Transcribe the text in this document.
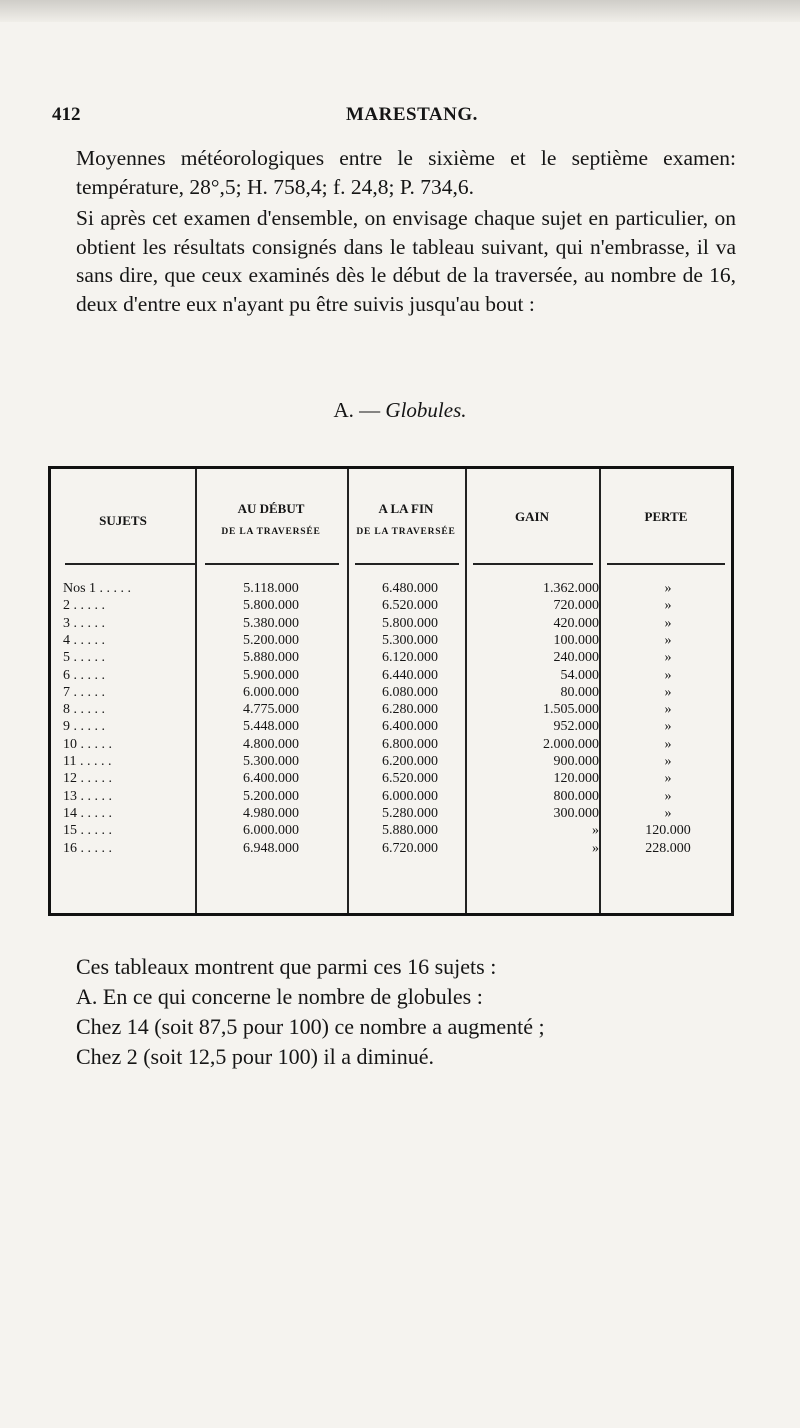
412	MARESTANG.
Moyennes météorologiques entre le sixième et le septième examen: température, 28°,5; H. 758,4; f. 24,8; P. 734,6.
Si après cet examen d'ensemble, on envisage chaque sujet en particulier, on obtient les résultats consignés dans le tableau suivant, qui n'embrasse, il va sans dire, que ceux examinés dès le début de la traversée, au nombre de 16, deux d'entre eux n'ayant pu être suivis jusqu'au bout :
A. — Globules.
SUJETS
AU DÉBUT
DE LA TRAVERSÉE
A LA FIN
DE LA TRAVERSÉE
GAIN	PERTE
Nos 1 . . . . .	5.118.000	6.480.000	1.362.000	»
2 . . . . .	5.800.000	6.520.000	720.000	»
3 . . . . .	5.380.000	5.800.000	420.000	»
4 . . . . .	5.200.000	5.300.000	100.000	»
5 . . . . .	5.880.000	6.120.000	240.000	»
6 . . . . .	5.900.000	6.440.000	54.000	»
7 . . . . .	6.000.000	6.080.000	80.000	»
8 . . . . .	4.775.000	6.280.000	1.505.000	»
9 . . . . .	5.448.000	6.400.000	952.000	»
10 . . . . .	4.800.000	6.800.000	2.000.000	»
11 . . . . .	5.300.000	6.200.000	900.000	»
12 . . . . .	6.400.000	6.520.000	120.000	»
13 . . . . .	5.200.000	6.000.000	800.000	»
14 . . . . .	4.980.000	5.280.000	300.000	»
15 . . . . .	6.000.000	5.880.000	»	120.000
16 . . . . .	6.948.000	6.720.000	»	228.000
Ces tableaux montrent que parmi ces 16 sujets :
A. En ce qui concerne le nombre de globules :
Chez 14 (soit 87,5 pour 100) ce nombre a augmenté ;
Chez 2 (soit 12,5 pour 100) il a diminué.
